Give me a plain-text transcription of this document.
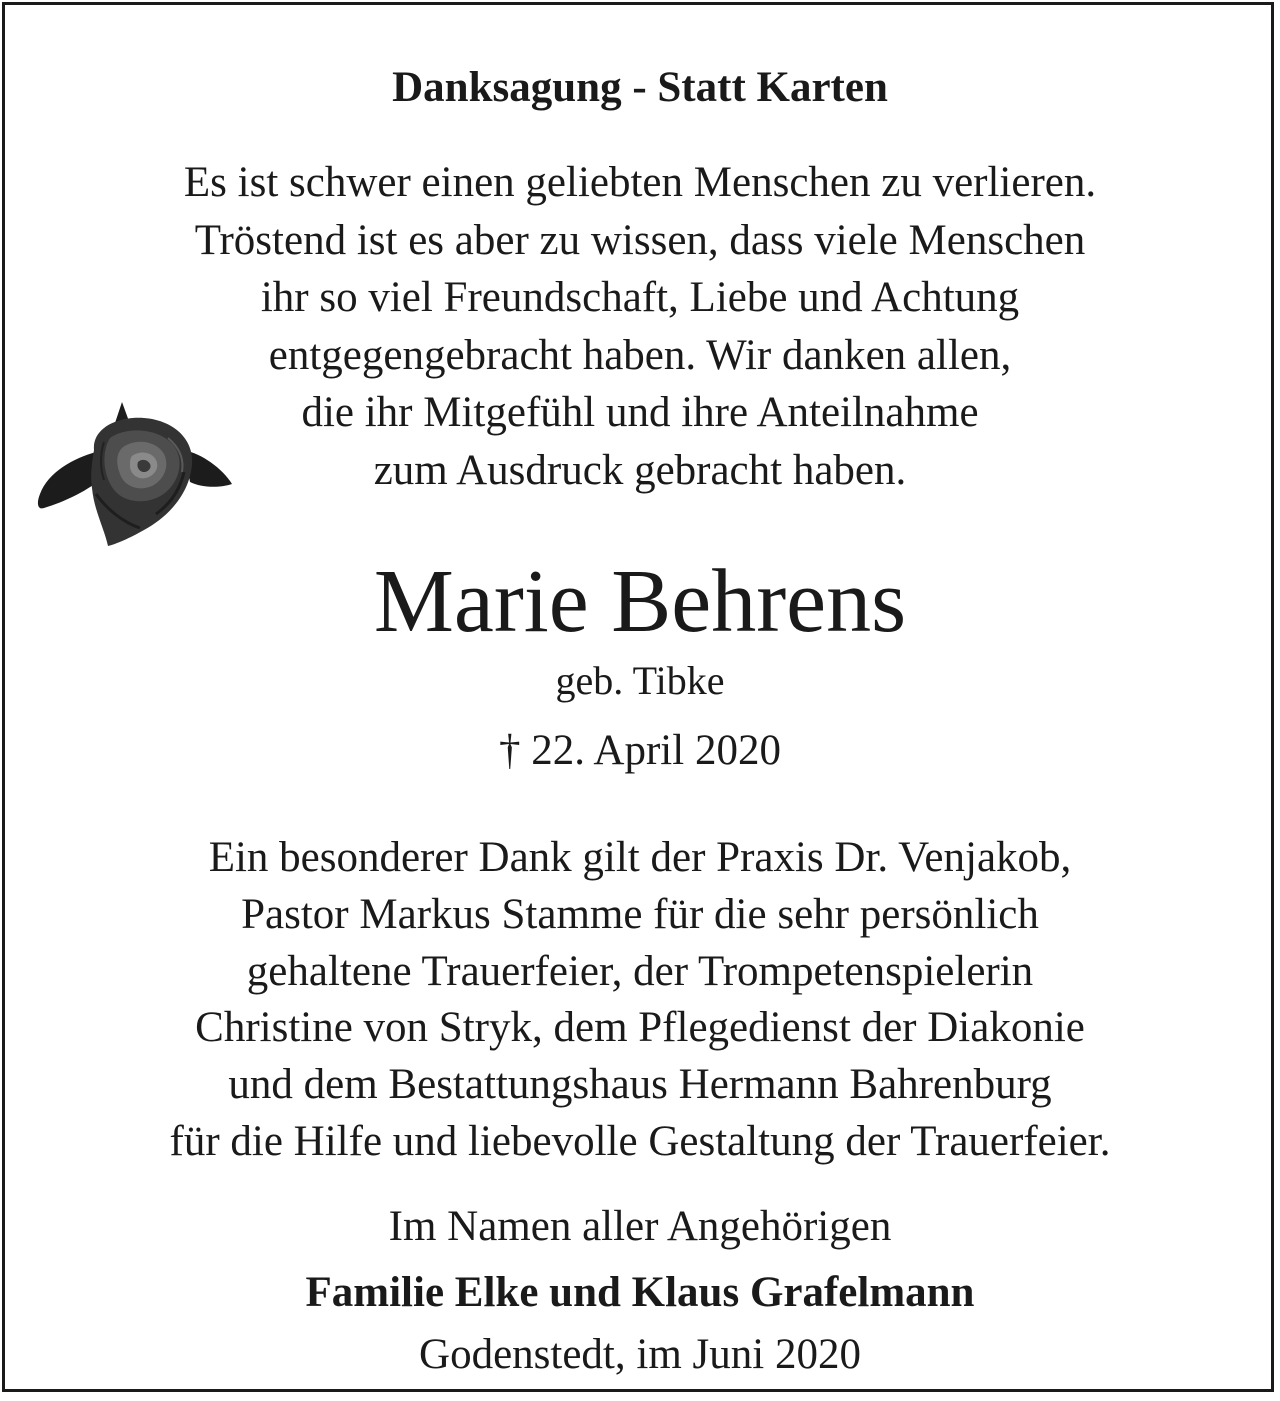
Danksagung - Statt Karten
Es ist schwer einen geliebten Menschen zu verlieren.
Tröstend ist es aber zu wissen, dass viele Menschen
ihr so viel Freundschaft, Liebe und Achtung
entgegengebracht haben. Wir danken allen,
die ihr Mitgefühl und ihre Anteilnahme
zum Ausdruck gebracht haben.
Marie Behrens
geb. Tibke
† 22. April 2020
Ein besonderer Dank gilt der Praxis Dr. Venjakob,
Pastor Markus Stamme für die sehr persönlich
gehaltene Trauerfeier, der Trompetenspielerin
Christine von Stryk, dem Pflegedienst der Diakonie
und dem Bestattungshaus Hermann Bahrenburg
für die Hilfe und liebevolle Gestaltung der Trauerfeier.
Im Namen aller Angehörigen
Familie Elke und Klaus Grafelmann
Godenstedt, im Juni 2020
